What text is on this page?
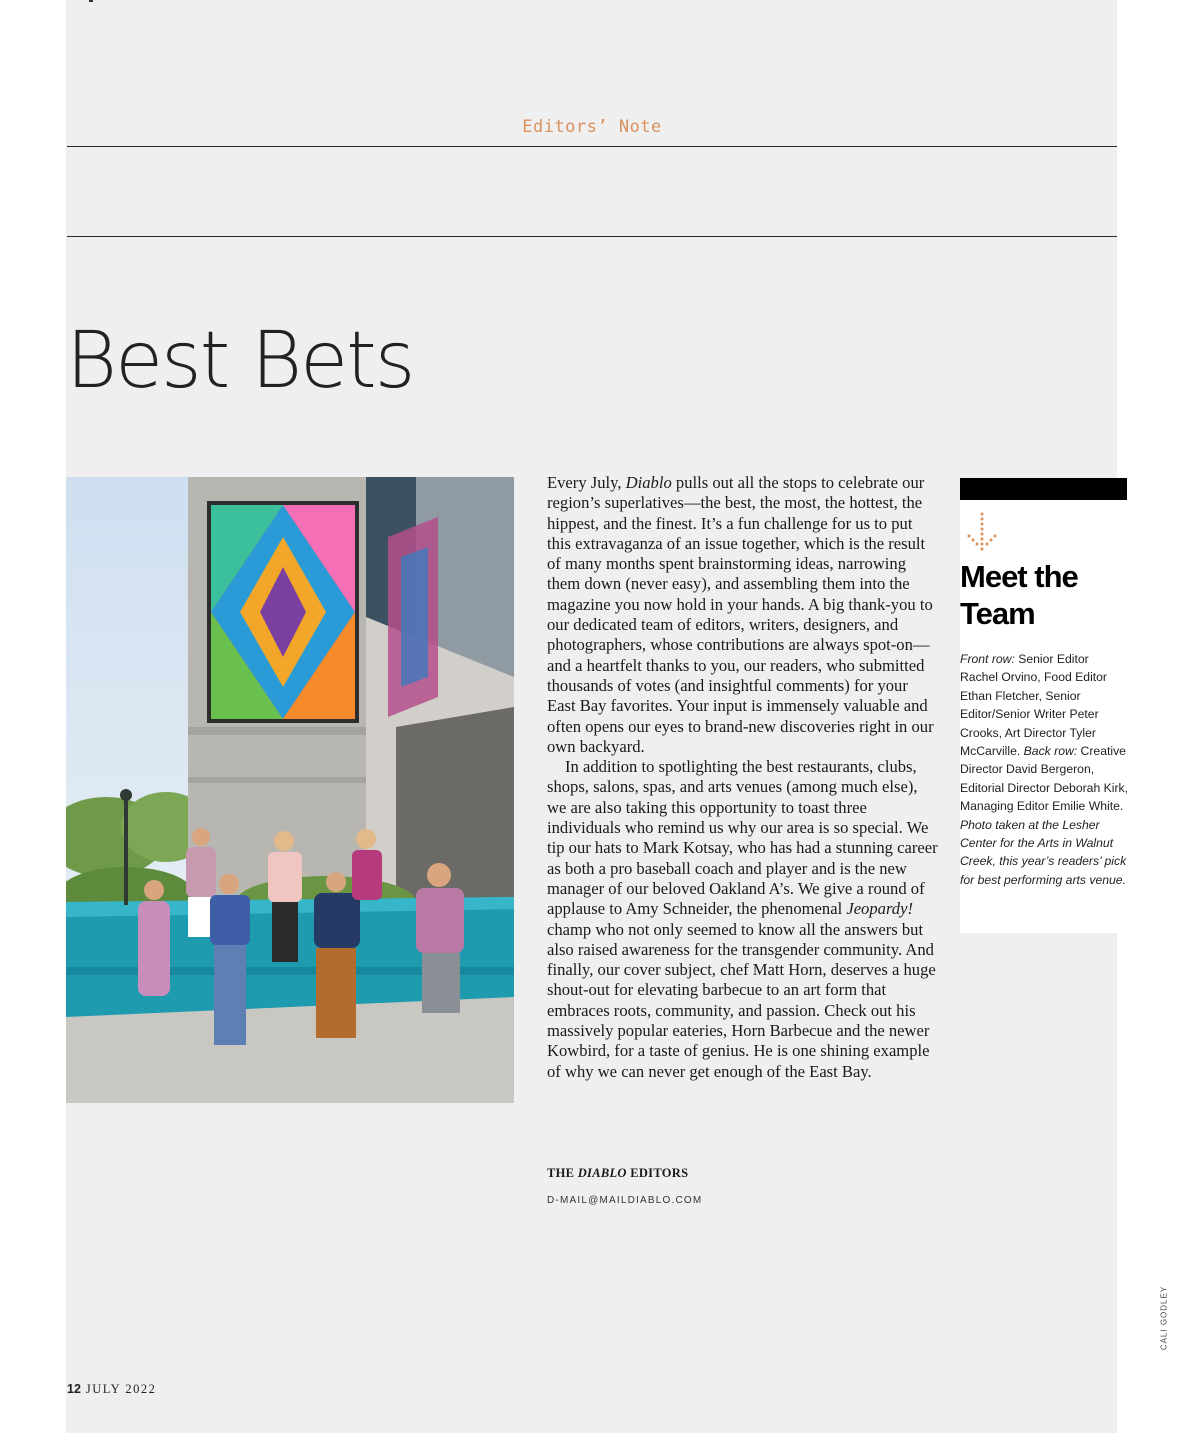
Editors’ Note
Best Bets

Every July, Diablo pulls out all the stops to celebrate our region’s superlatives—the best, the most, the hottest, the hippest, and the finest. It’s a fun challenge for us to put this extravaganza of an issue together, which is the result of many months spent brainstorming ideas, narrowing them down (never easy), and assembling them into the magazine you now hold in your hands. A big thank-you to our dedicated team of editors, writers, designers, and photographers, whose contributions are always spot-on—and a heartfelt thanks to you, our readers, who submitted thousands of votes (and insightful comments) for your East Bay favorites. Your input is immensely valuable and often opens our eyes to brand-new discoveries right in our own backyard.

In addition to spotlighting the best restaurants, clubs, shops, salons, spas, and arts venues (among much else), we are also taking this opportunity to toast three individuals who remind us why our area is so special. We tip our hats to Mark Kotsay, who has had a stunning career as both a pro baseball coach and player and is the new manager of our beloved Oakland A’s. We give a round of applause to Amy Schneider, the phenomenal Jeopardy! champ who not only seemed to know all the answers but also raised awareness for the transgender community. And finally, our cover subject, chef Matt Horn, deserves a huge shout-out for elevating barbecue to an art form that embraces roots, community, and passion. Check out his massively popular eateries, Horn Barbecue and the newer Kowbird, for a taste of genius. He is one shining example of why we can never get enough of the East Bay.

THE DIABLO EDITORS
D-MAIL@MAILDIABLO.COM
Meet the
Team
Front row: Senior Editor Rachel Orvino, Food Editor Ethan Fletcher, Senior Editor/Senior Writer Peter Crooks, Art Director Tyler McCarville. Back row: Creative Director David Bergeron, Editorial Director Deborah Kirk, Managing Editor Emilie White. Photo taken at the Lesher Center for the Arts in Walnut Creek, this year’s readers’ pick for best performing arts venue.
12 JULY 2022
CALI GODLEY
